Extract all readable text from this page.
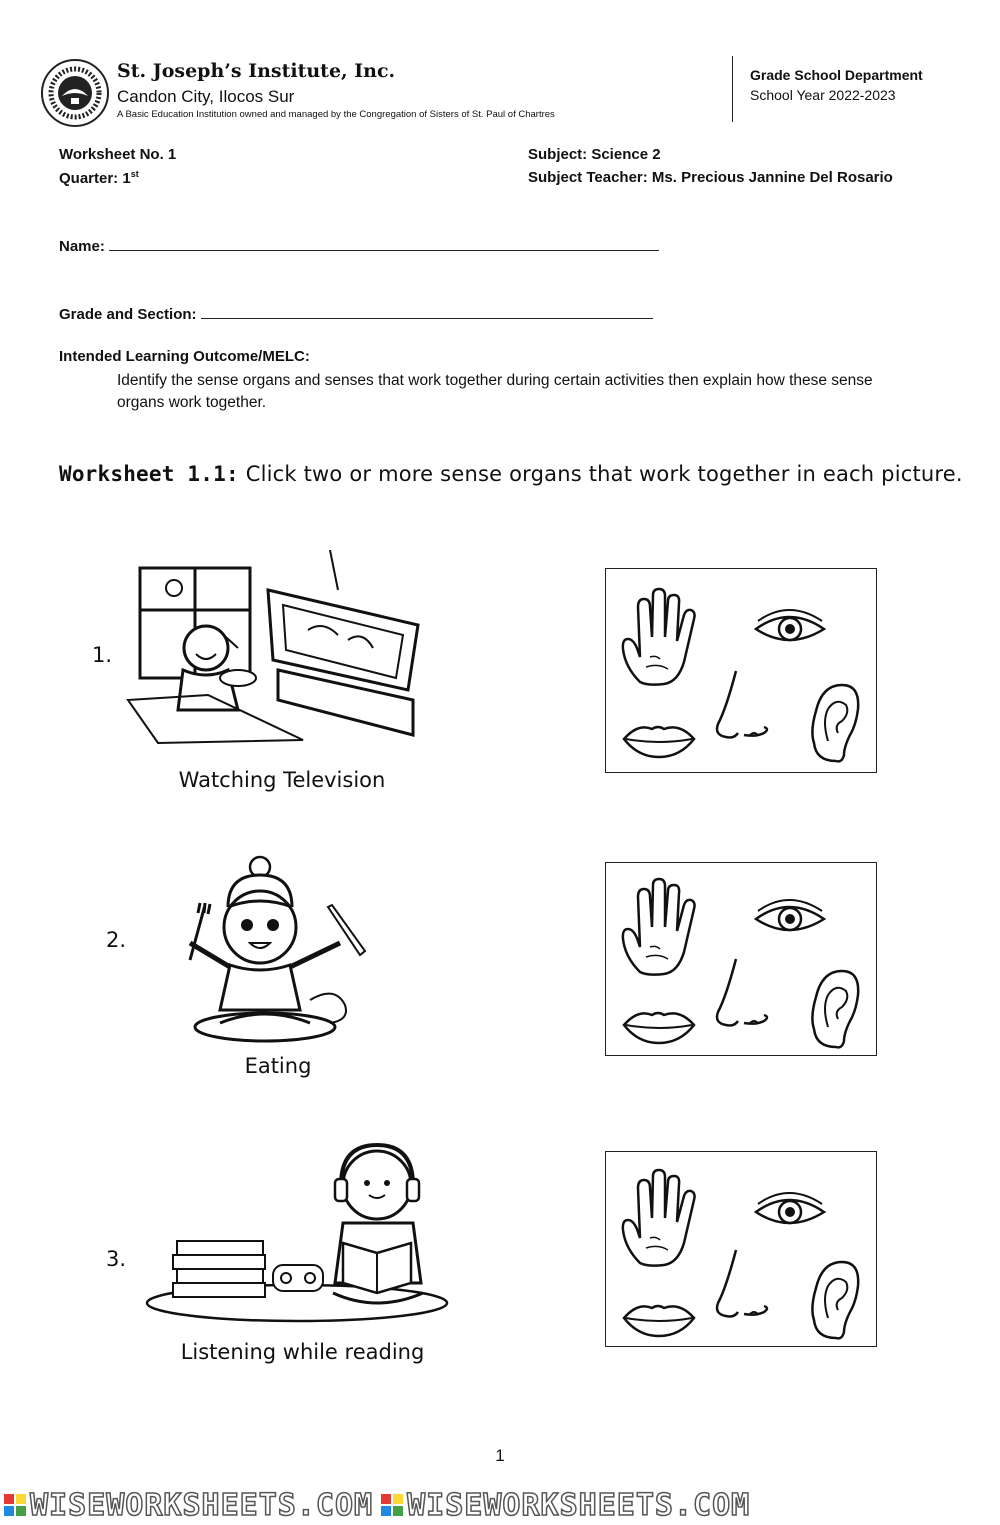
St. Joseph’s Institute, Inc.
Candon City, Ilocos Sur
A Basic Education Institution owned and managed by the Congregation of Sisters of St. Paul of Chartres
Grade School Department
School Year 2022-2023
Worksheet No. 1
Quarter: 1st
Subject: Science 2
Subject Teacher: Ms. Precious Jannine Del Rosario
Name:
Grade and Section:
Intended Learning Outcome/MELC:
Identify the sense organs and senses that work together during certain activities then explain how these sense organs work together.
Worksheet 1.1: Click two or more sense organs that work together in each picture.
1.
Watching Television
2.
Eating
3.
Listening while reading
1
WISEWORKSHEETS.COM WISEWORKSHEETS.COM
